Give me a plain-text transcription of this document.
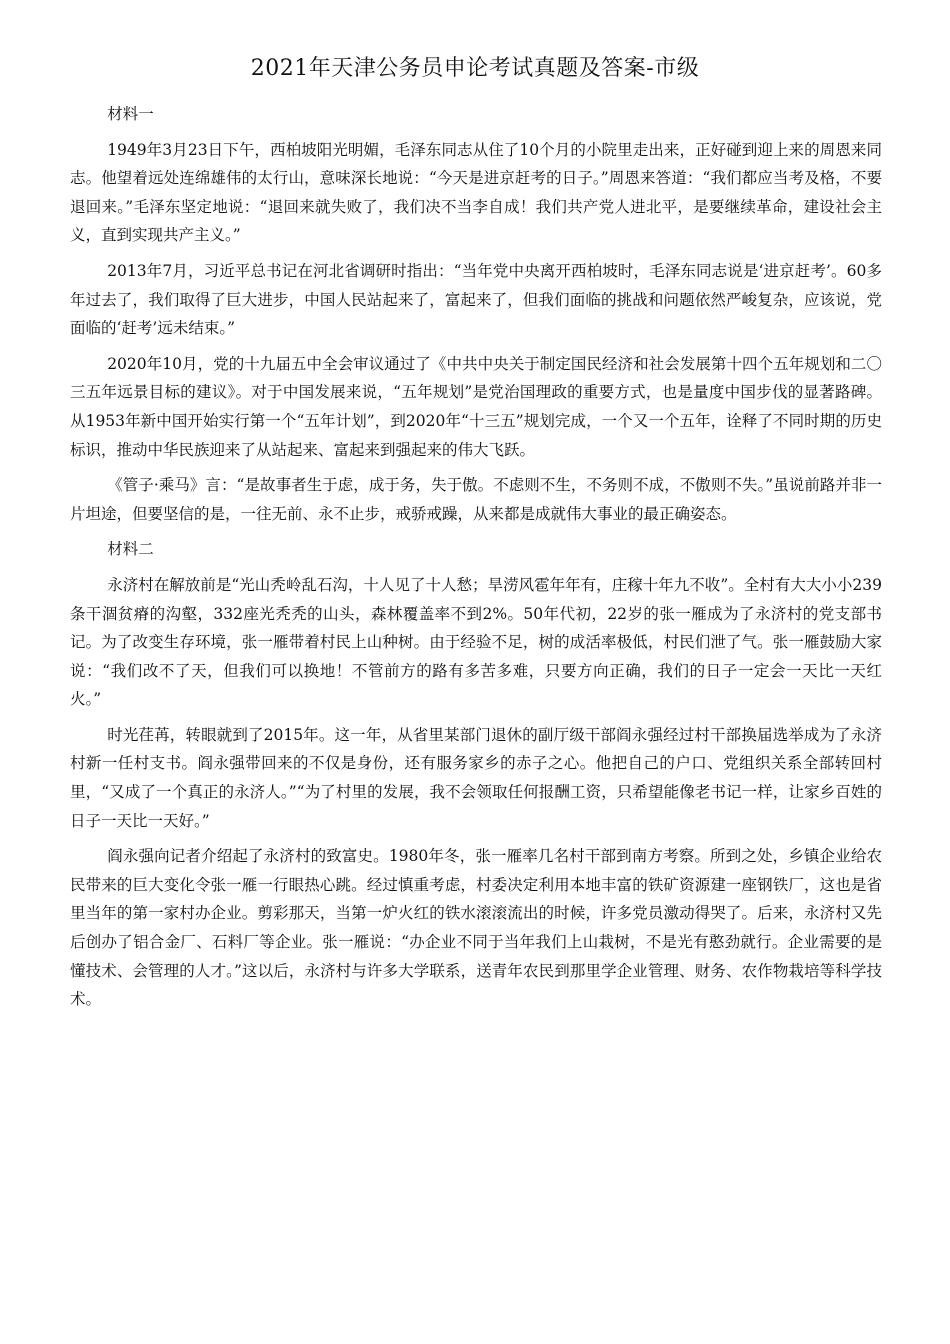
2021年天津公务员申论考试真题及答案-市级

材料一

1949年3月23日下午，西柏坡阳光明媚，毛泽东同志从住了10个月的小院里走出来，正好碰到迎上来的周恩来同志。他望着远处连绵雄伟的太行山，意味深长地说：“今天是进京赶考的日子。”周恩来答道：“我们都应当考及格，不要退回来。”毛泽东坚定地说：“退回来就失败了，我们决不当李自成！我们共产党人进北平，是要继续革命，建设社会主义，直到实现共产主义。”

2013年7月，习近平总书记在河北省调研时指出：“当年党中央离开西柏坡时，毛泽东同志说是‘进京赶考’。60多年过去了，我们取得了巨大进步，中国人民站起来了，富起来了，但我们面临的挑战和问题依然严峻复杂，应该说，党面临的‘赶考’远未结束。”

2020年10月，党的十九届五中全会审议通过了《中共中央关于制定国民经济和社会发展第十四个五年规划和二〇三五年远景目标的建议》。对于中国发展来说，“五年规划”是党治国理政的重要方式，也是量度中国步伐的显著路碑。从1953年新中国开始实行第一个“五年计划”，到2020年“十三五”规划完成，一个又一个五年，诠释了不同时期的历史标识，推动中华民族迎来了从站起来、富起来到强起来的伟大飞跃。

《管子·乘马》言：“是故事者生于虑，成于务，失于傲。不虑则不生，不务则不成，不傲则不失。”虽说前路并非一片坦途，但要坚信的是，一往无前、永不止步，戒骄戒躁，从来都是成就伟大事业的最正确姿态。

材料二

永济村在解放前是“光山秃岭乱石沟，十人见了十人愁；旱涝风雹年年有，庄稼十年九不收”。全村有大大小小239条干涸贫瘠的沟壑，332座光秃秃的山头，森林覆盖率不到2%。50年代初，22岁的张一雁成为了永济村的党支部书记。为了改变生存环境，张一雁带着村民上山种树。由于经验不足，树的成活率极低，村民们泄了气。张一雁鼓励大家说：“我们改不了天，但我们可以换地！不管前方的路有多苦多难，只要方向正确，我们的日子一定会一天比一天红火。”

时光荏苒，转眼就到了2015年。这一年，从省里某部门退休的副厅级干部阎永强经过村干部换届选举成为了永济村新一任村支书。阎永强带回来的不仅是身份，还有服务家乡的赤子之心。他把自己的户口、党组织关系全部转回村里，“又成了一个真正的永济人。”“为了村里的发展，我不会领取任何报酬工资，只希望能像老书记一样，让家乡百姓的日子一天比一天好。”

阎永强向记者介绍起了永济村的致富史。1980年冬，张一雁率几名村干部到南方考察。所到之处，乡镇企业给农民带来的巨大变化令张一雁一行眼热心跳。经过慎重考虑，村委决定利用本地丰富的铁矿资源建一座钢铁厂，这也是省里当年的第一家村办企业。剪彩那天，当第一炉火红的铁水滚滚流出的时候，许多党员激动得哭了。后来，永济村又先后创办了铝合金厂、石料厂等企业。张一雁说：“办企业不同于当年我们上山栽树，不是光有憨劲就行。企业需要的是懂技术、会管理的人才。”这以后，永济村与许多大学联系，送青年农民到那里学企业管理、财务、农作物栽培等科学技术。
